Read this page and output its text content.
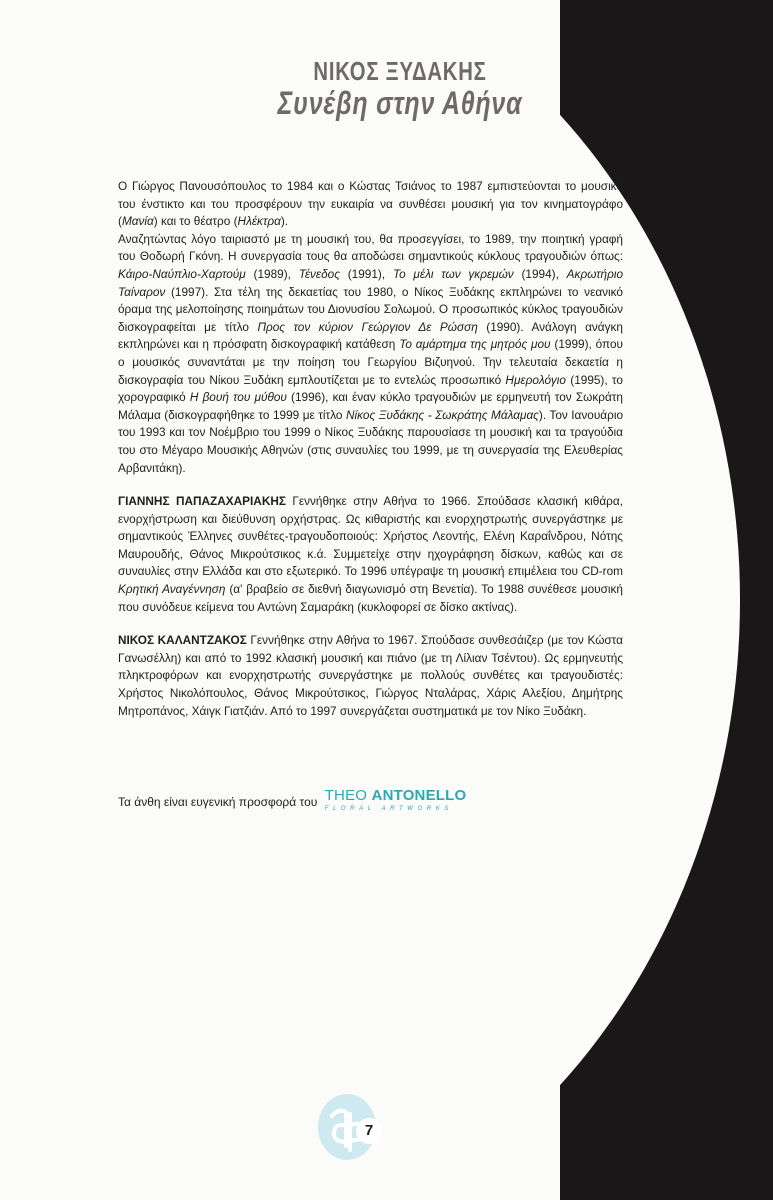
ΝΙΚΟΣ ΞΥΔΑΚΗΣ
Συνέβη στην Αθήνα

Ο Γιώργος Πανουσόπουλος το 1984 και ο Κώστας Τσιάνος το 1987 εμπιστεύονται το μουσικό του ένστικτο και του προσφέρουν την ευκαιρία να συνθέσει μουσική για τον κινηματογράφο (Μανία) και το θέατρο (Ηλέκτρα).

Αναζητώντας λόγο ταιριαστό με τη μουσική του, θα προσεγγίσει, το 1989, την ποιητική γραφή του Θοδωρή Γκόνη. Η συνεργασία τους θα αποδώσει σημαντικούς κύκλους τραγουδιών όπως: Κάιρο-Ναύπλιο-Χαρτούμ (1989), Τένεδος (1991), Το μέλι των γκρεμών (1994), Ακρωτήριο Ταίναρον (1997). Στα τέλη της δεκαετίας του 1980, ο Νίκος Ξυδάκης εκπληρώνει το νεανικό όραμα της μελοποίησης ποιημάτων του Διονυσίου Σολωμού. Ο προσωπικός κύκλος τραγουδιών δισκογραφείται με τίτλο Προς τον κύριον Γεώργιον Δε Ρώσση (1990). Ανάλογη ανάγκη εκπληρώνει και η πρόσφατη δισκογραφική κατάθεση Το αμάρτημα της μητρός μου (1999), όπου ο μουσικός συναντάται με την ποίηση του Γεωργίου Βιζυηνού. Την τελευταία δεκαετία η δισκογραφία του Νίκου Ξυδάκη εμπλουτίζεται με το εντελώς προσωπικό Ημερολόγιο (1995), το χορογραφικό Η βουή του μύθου (1996), και έναν κύκλο τραγουδιών με ερμηνευτή τον Σωκράτη Μάλαμα (δισκογραφήθηκε το 1999 με τίτλο Νίκος Ξυδάκης - Σωκράτης Μάλαμας). Τον Ιανουάριο του 1993 και τον Νοέμβριο του 1999 ο Νίκος Ξυδάκης παρουσίασε τη μουσική και τα τραγούδια του στο Μέγαρο Μουσικής Αθηνών (στις συναυλίες του 1999, με τη συνεργασία της Ελευθερίας Αρβανιτάκη).

ΓΙΑΝΝΗΣ ΠΑΠΑΖΑΧΑΡΙΑΚΗΣ Γεννήθηκε στην Αθήνα το 1966. Σπούδασε κλασική κιθάρα, ενορχήστρωση και διεύθυνση ορχήστρας. Ως κιθαριστής και ενορχηστρωτής συνεργάστηκε με σημαντικούς Έλληνες συνθέτες-τραγουδοποιούς: Χρήστος Λεοντής, Ελένη Καραΐνδρου, Νότης Μαυρουδής, Θάνος Μικρούτσικος κ.ά. Συμμετείχε στην ηχογράφηση δίσκων, καθώς και σε συναυλίες στην Ελλάδα και στο εξωτερικό. Το 1996 υπέγραψε τη μουσική επιμέλεια του CD-rom Κρητική Αναγέννηση (α' βραβείο σε διεθνή διαγωνισμό στη Βενετία). Το 1988 συνέθεσε μουσική που συνόδευε κείμενα του Αντώνη Σαμαράκη (κυκλοφορεί σε δίσκο ακτίνας).

ΝΙΚΟΣ ΚΑΛΑΝΤΖΑΚΟΣ Γεννήθηκε στην Αθήνα το 1967. Σπούδασε συνθεσάιζερ (με τον Κώστα Γανωσέλλη) και από το 1992 κλασική μουσική και πιάνο (με τη Λίλιαν Τσέντου). Ως ερμηνευτής πληκτροφόρων και ενορχηστρωτής συνεργάστηκε με πολλούς συνθέτες και τραγουδιστές: Χρήστος Νικολόπουλος, Θάνος Μικρούτσικος, Γιώργος Νταλάρας, Χάρις Αλεξίου, Δημήτρης Μητροπάνος, Χάιγκ Γιατζιάν. Από το 1997 συνεργάζεται συστηματικά με τον Νίκο Ξυδάκη.

Τα άνθη είναι ευγενική προσφορά του THEO ANTONELLO
FLORAL ARTWORKS
7
